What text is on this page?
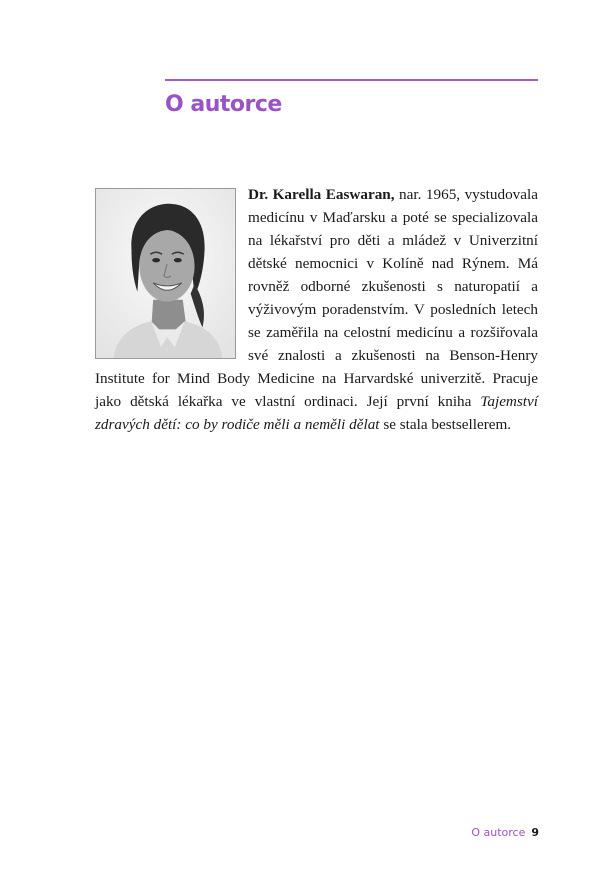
O autorce

Dr. Karella Easwaran, nar. 1965, vystudovala medicínu v Maďarsku a poté se specializovala na lékařství pro děti a mládež v Univerzitní dětské nemocnici v Kolíně nad Rýnem. Má rovněž odborné zkušenosti s naturopatií a výživovým poradenstvím. V posledních letech se zaměřila na celostní medicínu a rozšiřovala své znalosti a zkušenosti na Benson-Henry Institute for Mind Body Medicine na Harvardské univerzitě. Pracuje jako dětská lékařka ve vlastní ordinaci. Její první kniha Tajemství zdravých dětí: co by rodiče měli a neměli dělat se stala bestsellerem.

O autorce 9
